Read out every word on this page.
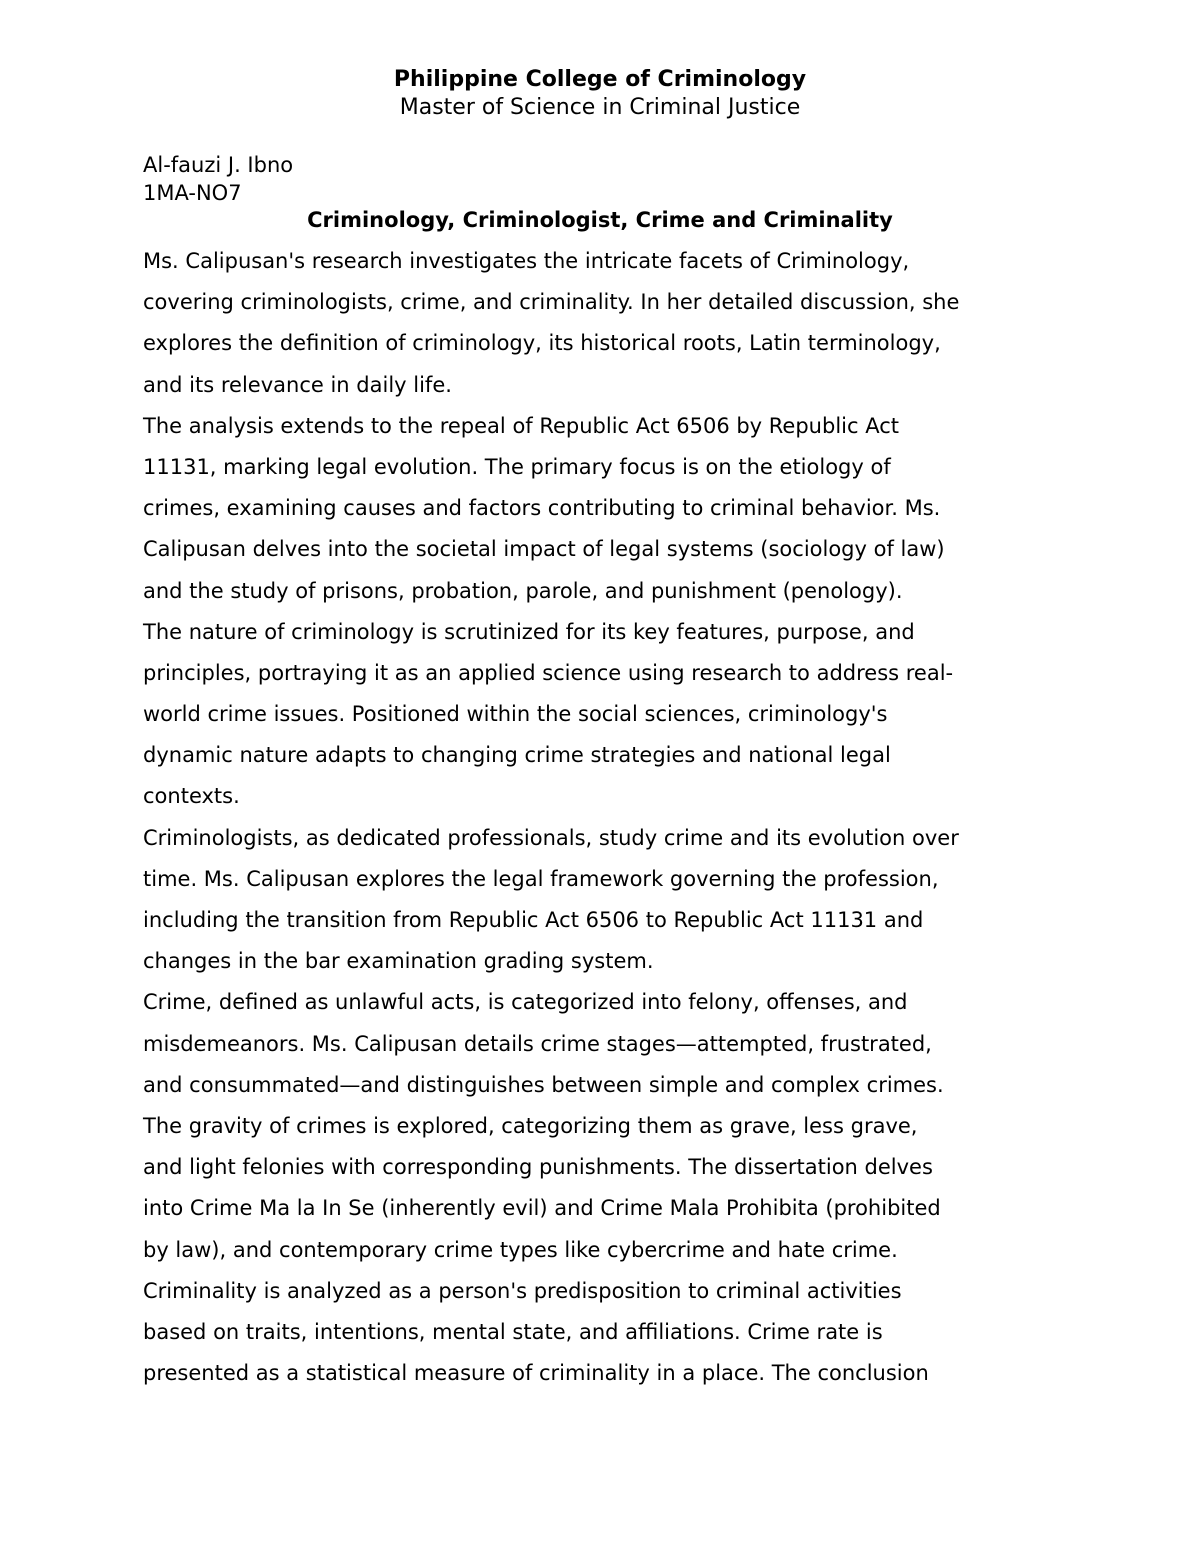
Philippine College of Criminology

Master of Science in Criminal Justice

Al-fauzi J. Ibno
1MA-NO7

Criminology, Criminologist, Crime and Criminality

Ms. Calipusan's research investigates the intricate facets of Criminology,
covering criminologists, crime, and criminality. In her detailed discussion, she
explores the definition of criminology, its historical roots, Latin terminology,
and its relevance in daily life.
The analysis extends to the repeal of Republic Act 6506 by Republic Act
11131, marking legal evolution. The primary focus is on the etiology of
crimes, examining causes and factors contributing to criminal behavior. Ms.
Calipusan delves into the societal impact of legal systems (sociology of law)
and the study of prisons, probation, parole, and punishment (penology).
The nature of criminology is scrutinized for its key features, purpose, and
principles, portraying it as an applied science using research to address real-
world crime issues. Positioned within the social sciences, criminology's
dynamic nature adapts to changing crime strategies and national legal
contexts.
Criminologists, as dedicated professionals, study crime and its evolution over
time. Ms. Calipusan explores the legal framework governing the profession,
including the transition from Republic Act 6506 to Republic Act 11131 and
changes in the bar examination grading system.
Crime, defined as unlawful acts, is categorized into felony, offenses, and
misdemeanors. Ms. Calipusan details crime stages—attempted, frustrated,
and consummated—and distinguishes between simple and complex crimes.
The gravity of crimes is explored, categorizing them as grave, less grave,
and light felonies with corresponding punishments. The dissertation delves
into Crime Ma la In Se (inherently evil) and Crime Mala Prohibita (prohibited
by law), and contemporary crime types like cybercrime and hate crime.
Criminality is analyzed as a person's predisposition to criminal activities
based on traits, intentions, mental state, and affiliations. Crime rate is
presented as a statistical measure of criminality in a place. The conclusion
